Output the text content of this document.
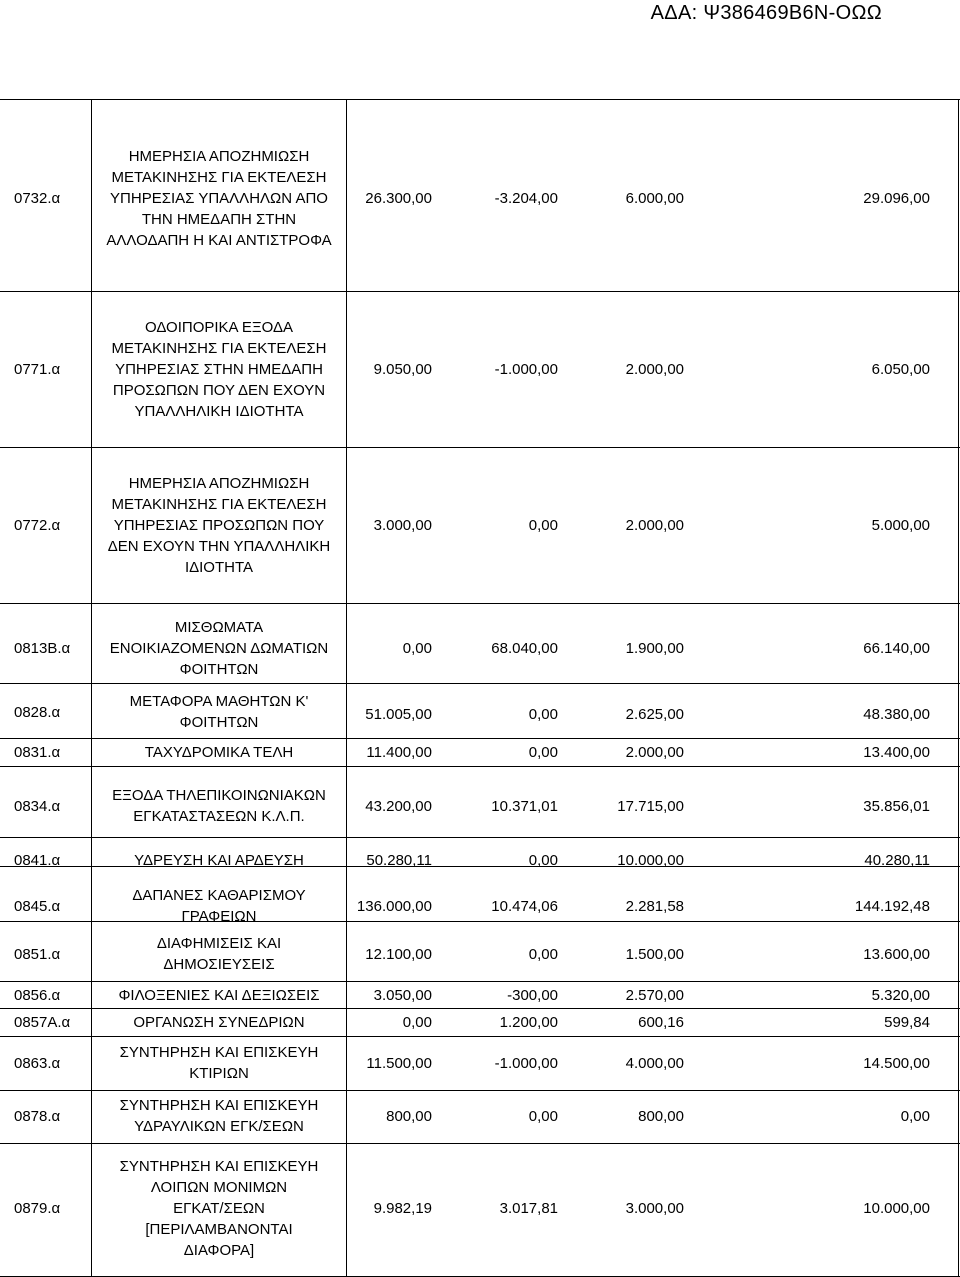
ΑΔΑ: Ψ386469Β6Ν-ΟΩΩ
0732.α
ΗΜΕΡΗΣΙΑ ΑΠΟΖΗΜΙΩΣΗ
ΜΕΤΑΚΙΝΗΣΗΣ ΓΙΑ ΕΚΤΕΛΕΣΗ
ΥΠΗΡΕΣΙΑΣ ΥΠΑΛΛΗΛΩΝ ΑΠΟ
ΤΗΝ ΗΜΕΔΑΠΗ ΣΤΗΝ
ΑΛΛΟΔΑΠΗ Η ΚΑΙ ΑΝΤΙΣΤΡΟΦΑ
26.300,00	-3.204,00	6.000,00	29.096,00
0771.α
ΟΔΟΙΠΟΡΙΚΑ ΕΞΟΔΑ
ΜΕΤΑΚΙΝΗΣΗΣ ΓΙΑ ΕΚΤΕΛΕΣΗ
ΥΠΗΡΕΣΙΑΣ ΣΤΗΝ ΗΜΕΔΑΠΗ
ΠΡΟΣΩΠΩΝ ΠΟΥ ΔΕΝ ΕΧΟΥΝ
ΥΠΑΛΛΗΛΙΚΗ ΙΔΙΟΤΗΤΑ
9.050,00	-1.000,00	2.000,00	6.050,00
0772.α
ΗΜΕΡΗΣΙΑ ΑΠΟΖΗΜΙΩΣΗ
ΜΕΤΑΚΙΝΗΣΗΣ ΓΙΑ ΕΚΤΕΛΕΣΗ
ΥΠΗΡΕΣΙΑΣ ΠΡΟΣΩΠΩΝ ΠΟΥ
ΔΕΝ ΕΧΟΥΝ ΤΗΝ ΥΠΑΛΛΗΛΙΚΗ
ΙΔΙΟΤΗΤΑ
3.000,00	0,00	2.000,00	5.000,00
0813Β.α
ΜΙΣΘΩΜΑΤΑ
ΕΝΟΙΚΙΑΖΟΜΕΝΩΝ ΔΩΜΑΤΙΩΝ
ΦΟΙΤΗΤΩΝ
0,00	68.040,00	1.900,00	66.140,00
0828.α
ΜΕΤΑΦΟΡΑ ΜΑΘΗΤΩΝ Κ'
ΦΟΙΤΗΤΩΝ	51.005,00	0,00	2.625,00	48.380,00
0831.α	ΤΑΧΥΔΡΟΜΙΚΑ ΤΕΛΗ	11.400,00	0,00	2.000,00	13.400,00
0834.α
ΕΞΟΔΑ ΤΗΛΕΠΙΚΟΙΝΩΝΙΑΚΩΝ
ΕΓΚΑΤΑΣΤΑΣΕΩΝ Κ.Λ.Π.
43.200,00	10.371,01	17.715,00	35.856,01
0841.α	ΥΔΡΕΥΣΗ ΚΑΙ ΑΡΔΕΥΣΗ	50.280,11	0,00	10.000,00	40.280,11
0845.α
ΔΑΠΑΝΕΣ ΚΑΘΑΡΙΣΜΟΥ
ΓΡΑΦΕΙΩΝ
136.000,00	10.474,06	2.281,58	144.192,48
0851.α
ΔΙΑΦΗΜΙΣΕΙΣ ΚΑΙ
ΔΗΜΟΣΙΕΥΣΕΙΣ
12.100,00	0,00	1.500,00	13.600,00
0856.α	ΦΙΛΟΞΕΝΙΕΣ ΚΑΙ ΔΕΞΙΩΣΕΙΣ	3.050,00	-300,00	2.570,00	5.320,00
0857Α.α	ΟΡΓΑΝΩΣΗ ΣΥΝΕΔΡΙΩΝ	0,00	1.200,00	600,16	599,84
0863.α
ΣΥΝΤΗΡΗΣΗ ΚΑΙ ΕΠΙΣΚΕΥΗ
ΚΤΙΡΙΩΝ
11.500,00	-1.000,00	4.000,00	14.500,00
0878.α
ΣΥΝΤΗΡΗΣΗ ΚΑΙ ΕΠΙΣΚΕΥΗ
ΥΔΡΑΥΛΙΚΩΝ ΕΓΚ/ΣΕΩΝ
800,00	0,00	800,00	0,00
0879.α
ΣΥΝΤΗΡΗΣΗ ΚΑΙ ΕΠΙΣΚΕΥΗ
ΛΟΙΠΩΝ ΜΟΝΙΜΩΝ
ΕΓΚΑΤ/ΣΕΩΝ
[ΠΕΡΙΛΑΜΒΑΝΟΝΤΑΙ
ΔΙΑΦΟΡΑ]
9.982,19	3.017,81	3.000,00	10.000,00
